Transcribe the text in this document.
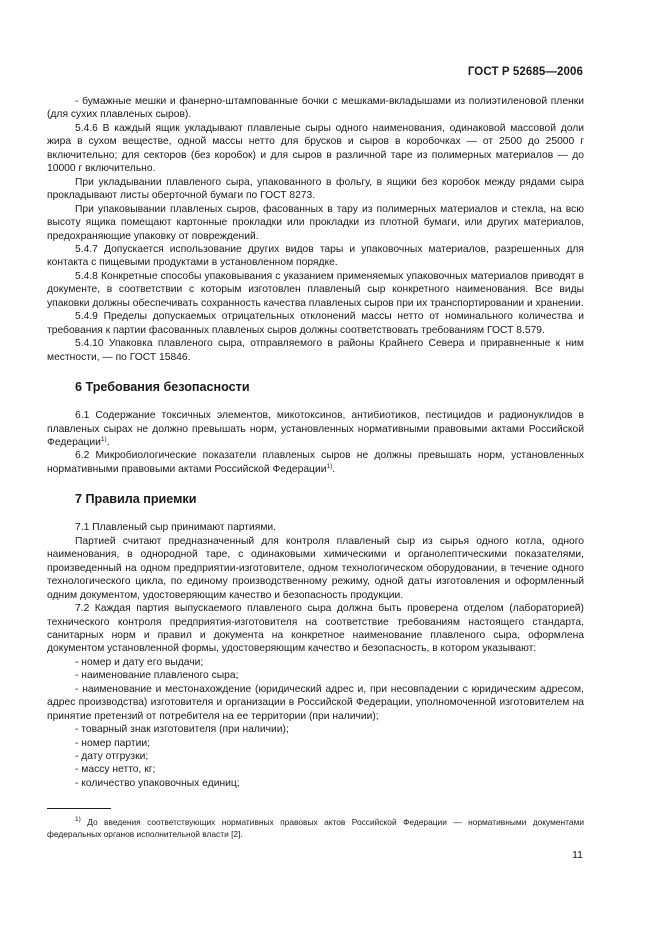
ГОСТ Р 52685—2006

- бумажные мешки и фанерно-штампованные бочки с мешками-вкладышами из полиэтиленовой пленки (для сухих плавленых сыров).

5.4.6 В каждый ящик укладывают плавленые сыры одного наименования, одинаковой массовой доли жира в сухом веществе, одной массы нетто для брусков и сыров в коробочках — от 2500 до 25000 г включительно; для секторов (без коробок) и для сыров в различной таре из полимерных материалов — до 10000 г включительно.

При укладывании плавленого сыра, упакованного в фольгу, в ящики без коробок между рядами сыра прокладывают листы оберточной бумаги по ГОСТ 8273.

При упаковывании плавленых сыров, фасованных в тару из полимерных материалов и стекла, на всю высоту ящика помещают картонные прокладки или прокладки из плотной бумаги, или других материалов, предохраняющие упаковку от повреждений.

5.4.7 Допускается использование других видов тары и упаковочных материалов, разрешенных для контакта с пищевыми продуктами в установленном порядке.

5.4.8 Конкретные способы упаковывания с указанием применяемых упаковочных материалов приводят в документе, в соответствии с которым изготовлен плавленый сыр конкретного наименования. Все виды упаковки должны обеспечивать сохранность качества плавленых сыров при их транспортировании и хранении.

5.4.9 Пределы допускаемых отрицательных отклонений массы нетто от номинального количества и требования к партии фасованных плавленых сыров должны соответствовать требованиям ГОСТ 8.579.

5.4.10 Упаковка плавленого сыра, отправляемого в районы Крайнего Севера и приравненные к ним местности, — по ГОСТ 15846.

6 Требования безопасности

6.1 Содержание токсичных элементов, микотоксинов, антибиотиков, пестицидов и радионуклидов в плавленых сырах не должно превышать норм, установленных нормативными правовыми актами Российской Федерации$^{1)}$.

6.2 Микробиологические показатели плавленых сыров не должны превышать норм, установленных нормативными правовыми актами Российской Федерации$^{1)}$.

7 Правила приемки

7.1 Плавленый сыр принимают партиями.

Партией считают предназначенный для контроля плавленый сыр из сырья одного котла, одного наименования, в однородной таре, с одинаковыми химическими и органолептическими показателями, произведенный на одном предприятии-изготовителе, одном технологическом оборудовании, в течение одного технологического цикла, по единому производственному режиму, одной даты изготовления и оформленный одним документом, удостоверяющим качество и безопасность продукции.

7.2 Каждая партия выпускаемого плавленого сыра должна быть проверена отделом (лабораторией) технического контроля предприятия-изготовителя на соответствие требованиям настоящего стандарта, санитарных норм и правил и документа на конкретное наименование плавленого сыра, оформлена документом установленной формы, удостоверяющим качество и безопасность, в котором указывают:

- номер и дату его выдачи;

- наименование плавленого сыра;

- наименование и местонахождение (юридический адрес и, при несовпадении с юридическим адресом, адрес производства) изготовителя и организации в Российской Федерации, уполномоченной изготовителем на принятие претензий от потребителя на ее территории (при наличии);

- товарный знак изготовителя (при наличии);

- номер партии;

- дату отгрузки;

- массу нетто, кг;

- количество упаковочных единиц;

$^{1)}$ До введения соответствующих нормативных правовых актов Российской Федерации — нормативными документами федеральных органов исполнительной власти [2].

11
